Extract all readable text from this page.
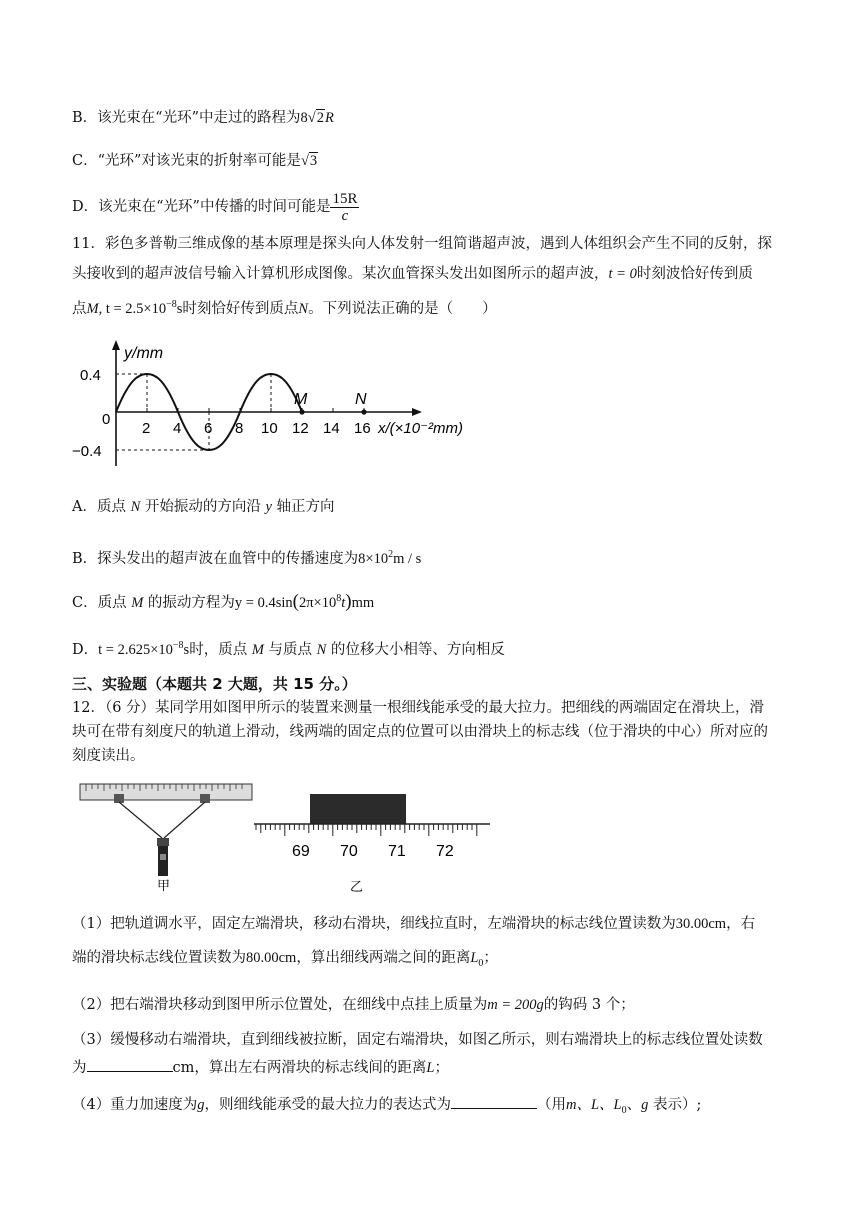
B．该光束在“光环”中走过的路程为8√2R
C．“光环”对该光束的折射率可能是√3
D．该光束在“光环”中传播的时间可能是 $\frac{15R}{c}$
11．彩色多普勒三维成像的基本原理是探头向人体发射一组简谐超声波，遇到人体组织会产生不同的反射，探
头接收到的超声波信号输入计算机形成图像。某次血管探头发出如图所示的超声波，t = 0时刻波恰好传到质
点M, $t = 2.5\times 10^{-8}s$时刻恰好传到质点N。下列说法正确的是（　　）
y/mm
0.4
0
−0.4
2 4 6 8 10 12 14 16
M	N
x/(×10⁻²mm)
A．质点 N 开始振动的方向沿 y 轴正方向
B．探头发出的超声波在血管中的传播速度为$8\times 10^2m / s$
C．质点 M 的振动方程为$y = 0.4\sin(2\pi\times 10^8t)mm$
D．$t = 2.625\times 10^{-8}s$时，质点 M 与质点 N 的位移大小相等、方向相反
三、实验题（本题共 2 大题，共 15 分。）
12．（6 分）某同学用如图甲所示的装置来测量一根细线能承受的最大拉力。把细线的两端固定在滑块上，滑
块可在带有刻度尺的轨道上滑动，线两端的固定点的位置可以由滑块上的标志线（位于滑块的中心）所对应的
刻度读出。
甲
69 70 71 72
乙
（1）把轨道调水平，固定左端滑块，移动右滑块，细线拉直时，左端滑块的标志线位置读数为30.00cm，右
端的滑块标志线位置读数为80.00cm，算出细线两端之间的距离$L_0$；
（2）把右端滑块移动到图甲所示位置处，在细线中点挂上质量为m = 200g的钩码 3 个；
（3）缓慢移动右端滑块，直到细线被拉断，固定右端滑块，如图乙所示，则右端滑块上的标志线位置处读数
为	cm，算出左右两滑块的标志线间的距离L；
（4）重力加速度为g，则细线能承受的最大拉力的表达式为	（用m、L、$L_0$、g 表示）;
